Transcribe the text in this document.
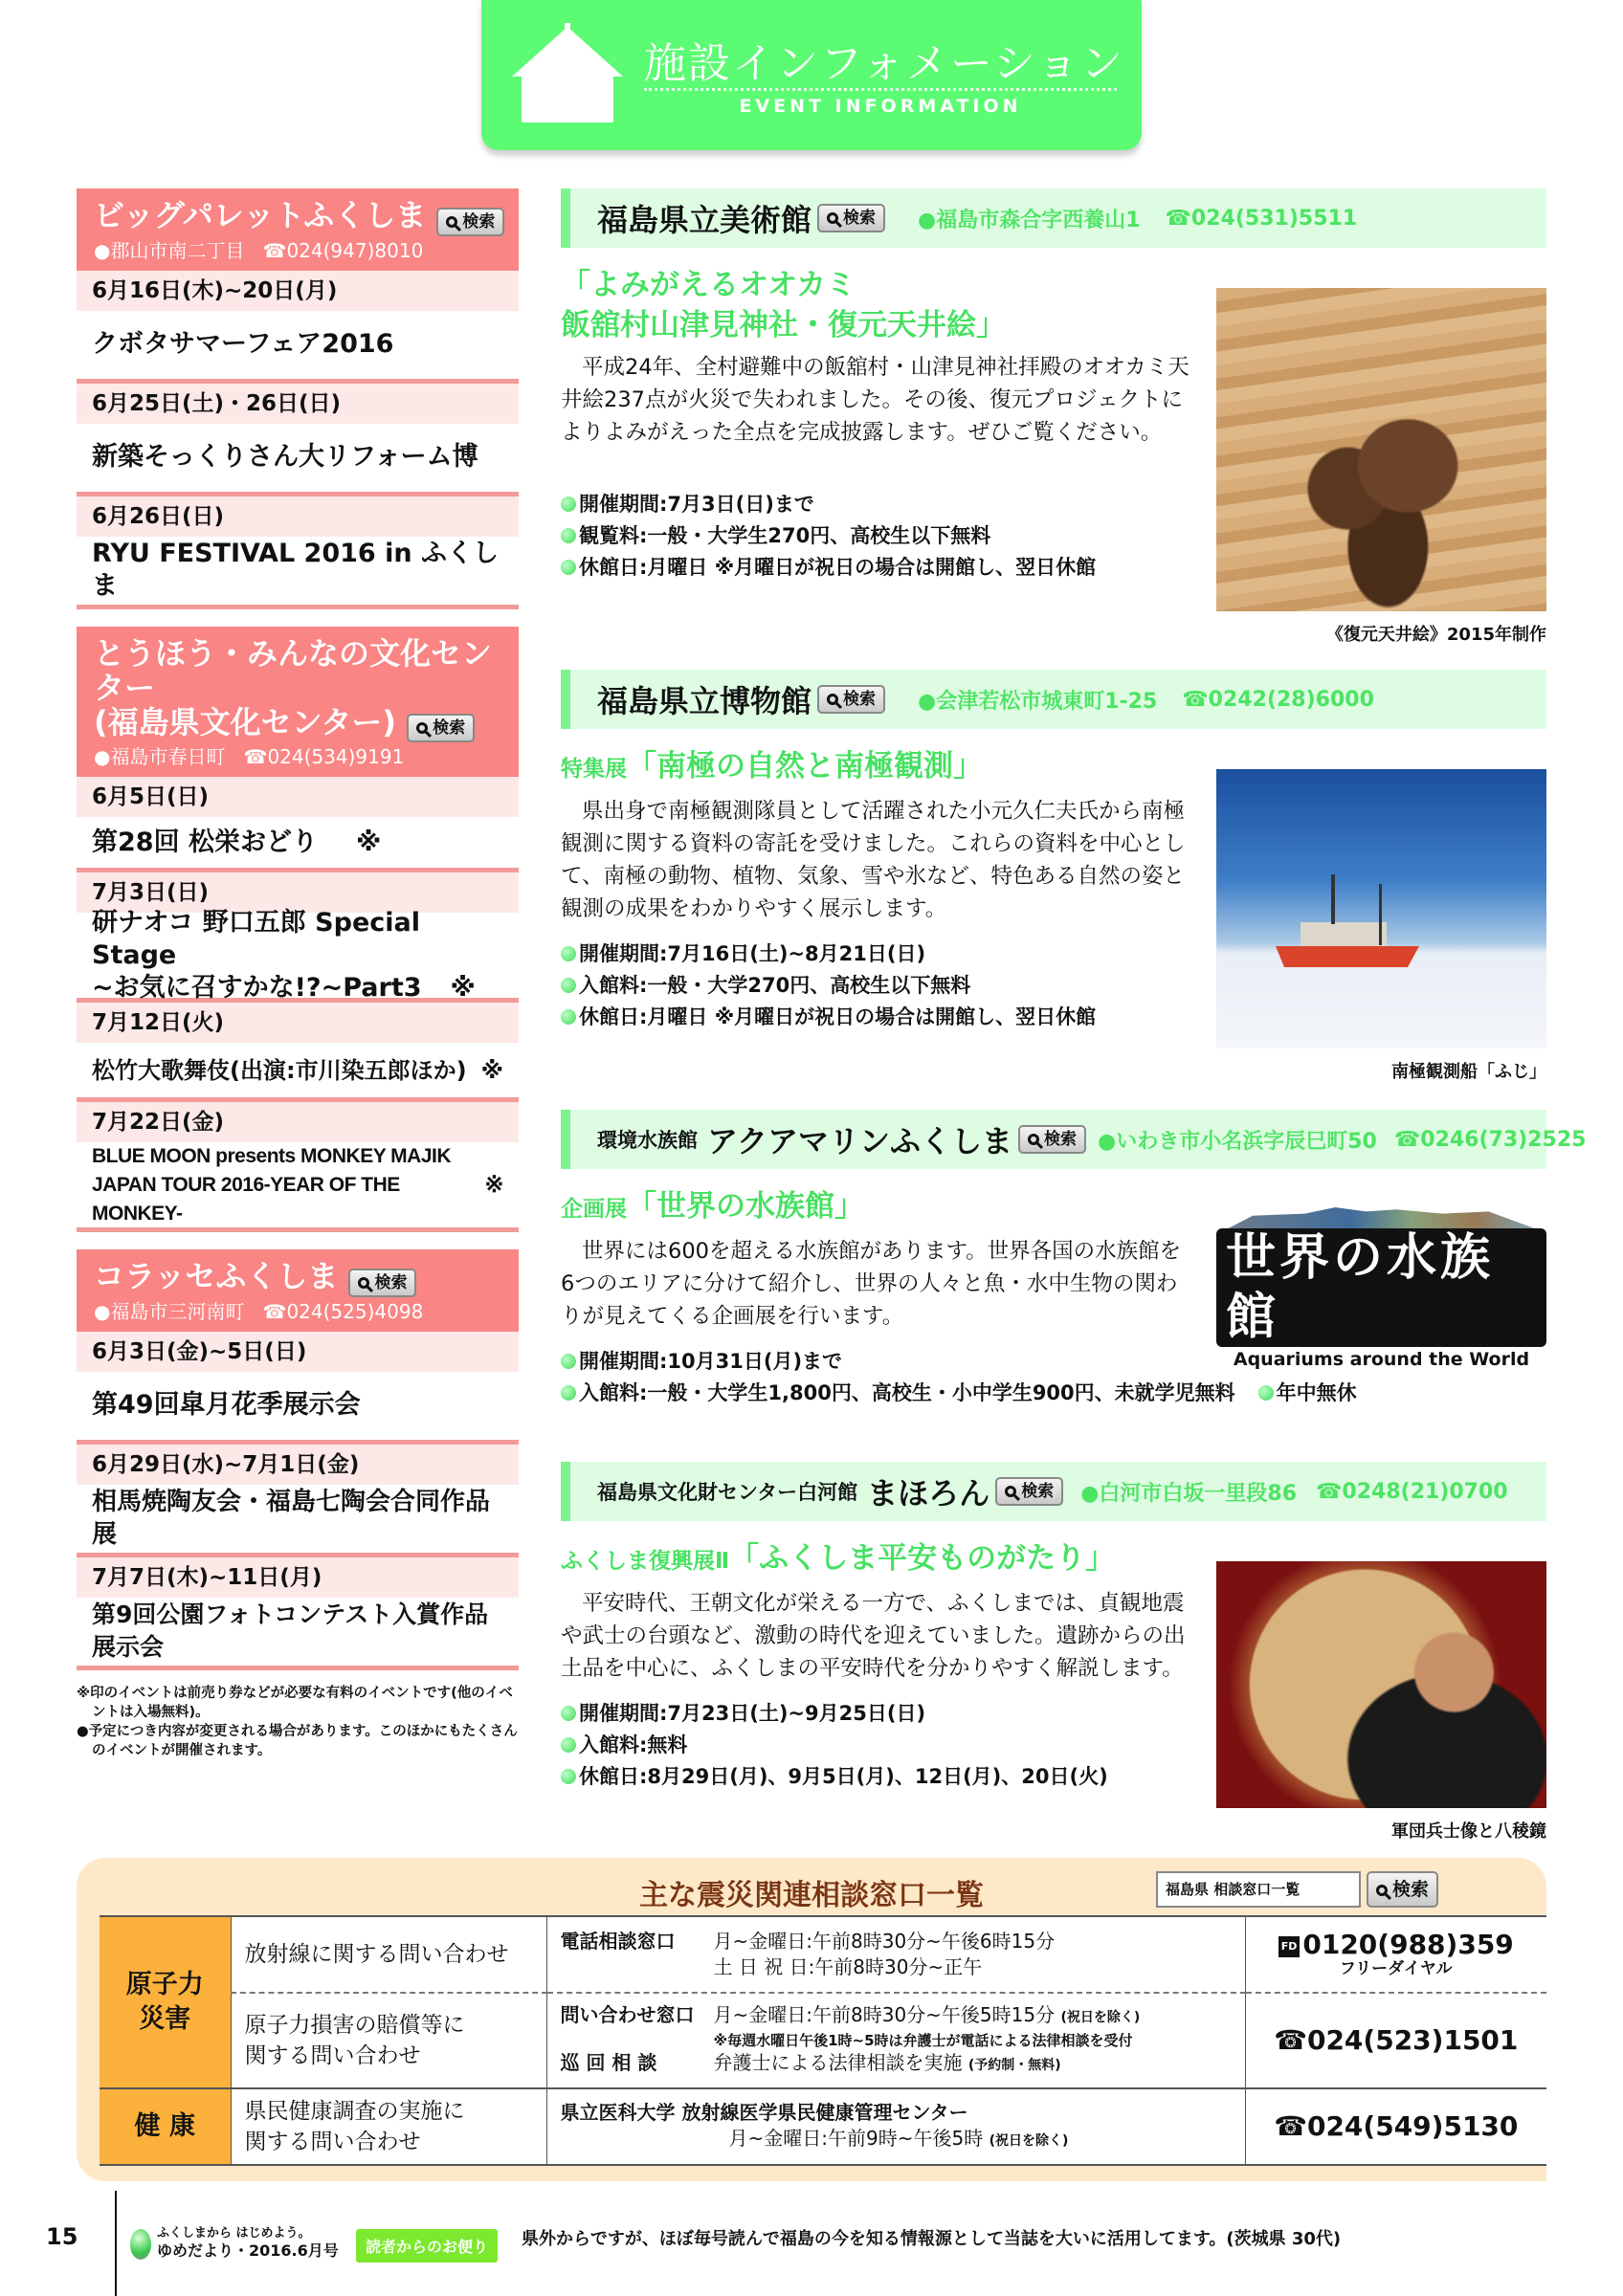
施設インフォメーション
EVENT INFORMATION
ビッグパレットふくしま 検索
●郡山市南二丁目 ☎024(947)8010
6月16日(木)~20日(月)
クボタサマーフェア2016
6月25日(土)・26日(日)
新築そっくりさん大リフォーム博
6月26日(日)
RYU FESTIVAL 2016 in ふくしま
とうほう・みんなの文化センター
(福島県文化センター) 検索
●福島市春日町 ☎024(534)9191
6月5日(日)
第28回 松栄おどり ※
7月3日(日)
研ナオコ 野口五郎 Special Stage
~お気に召すかな!?~Part3 ※
7月12日(火)
松竹大歌舞伎(出演:市川染五郎ほか) ※
7月22日(金)
BLUE MOON presents MONKEY MAJIK
JAPAN TOUR 2016-YEAR OF THE MONKEY-
※
コラッセふくしま 検索
●福島市三河南町 ☎024(525)4098
6月3日(金)~5日(日)
第49回皐月花季展示会
6月29日(水)~7月1日(金)
相馬焼陶友会・福島七陶会合同作品展
7月7日(木)~11日(月)
第9回公園フォトコンテスト入賞作品展示会

※印のイベントは前売り券などが必要な有料のイベントです(他のイベントは入場無料)。

●予定につき内容が変更される場合があります。このほかにもたくさんのイベントが開催されます。

福島県立美術館	検索	●福島市森合字西養山1 ☎024(531)5511
《復元天井絵》2015年制作
「よみがえるオオカミ
飯舘村山津見神社・復元天井絵」
平成24年、全村避難中の飯舘村・山津見神社拝殿のオオカミ天井絵237点が火災で失われました。その後、復元プロジェクトによりよみがえった全点を完成披露します。ぜひご覧ください。
開催期間:7月3日(日)まで
観覧料:一般・大学生270円、高校生以下無料
休館日:月曜日 ※月曜日が祝日の場合は開館し、翌日休館
福島県立博物館	検索	●会津若松市城東町1-25 ☎0242(28)6000
南極観測船「ふじ」
特集展「南極の自然と南極観測」
県出身で南極観測隊員として活躍された小元久仁夫氏から南極観測に関する資料の寄託を受けました。これらの資料を中心として、南極の動物、植物、気象、雪や氷など、特色ある自然の姿と観測の成果をわかりやすく展示します。
開催期間:7月16日(土)~8月21日(日)
入館料:一般・大学270円、高校生以下無料
休館日:月曜日 ※月曜日が祝日の場合は開館し、翌日休館
環境水族館 アクアマリンふくしま	検索	●いわき市小名浜字辰巳町50 ☎0246(73)2525
世界の水族館
Aquariums around the World
企画展「世界の水族館」
世界には600を超える水族館があります。世界各国の水族館を6つのエリアに分けて紹介し、世界の人々と魚・水中生物の関わりが見えてくる企画展を行います。
開催期間:10月31日(月)まで
入館料:一般・大学生1,800円、高校生・小中学生900円、未就学児無料 年中無休
福島県文化財センター白河館 まほろん	検索	●白河市白坂一里段86 ☎0248(21)0700
軍団兵士像と八稜鏡
ふくしま復興展Ⅱ「ふくしま平安ものがたり」
平安時代、王朝文化が栄える一方で、ふくしまでは、貞観地震や武士の台頭など、激動の時代を迎えていました。遺跡からの出土品を中心に、ふくしまの平安時代を分かりやすく解説します。
開催期間:7月23日(土)~9月25日(日)
入館料:無料
休館日:8月29日(月)、9月5日(月)、12日(月)、20日(火)
主な震災関連相談窓口一覧	福島県 相談窓口一覧	検索
原子力
災害
	放射線に関する問い合わせ	
電話相談窓口 月~金曜日:午前8時30分~午後6時15分
土 日 祝 日:午前8時30分~正午
	FD 0120(988)359
フリーダイヤル

原子力損害の賠償等に
関する問い合わせ

問い合わせ窓口 月~金曜日:午前8時30分~午後5時15分 (祝日を除く)
※毎週水曜日午後1時~5時は弁護士が電話による法律相談を受付
巡 回 相 談	弁護士による法律相談を実施 (予約制・無料)
	☎024(523)1501
健 康	県民健康調査の実施に
関する問い合わせ

県立医科大学 放射線医学県民健康管理センター
月~金曜日:午前9時~午後5時 (祝日を除く)	☎024(549)5130
15	ふくしまから はじめよう。
ゆめだより・2016.6月号	読者からのお便り	県外からですが、ほぼ毎号読んで福島の今を知る情報源として当誌を大いに活用してます。(茨城県 30代)
